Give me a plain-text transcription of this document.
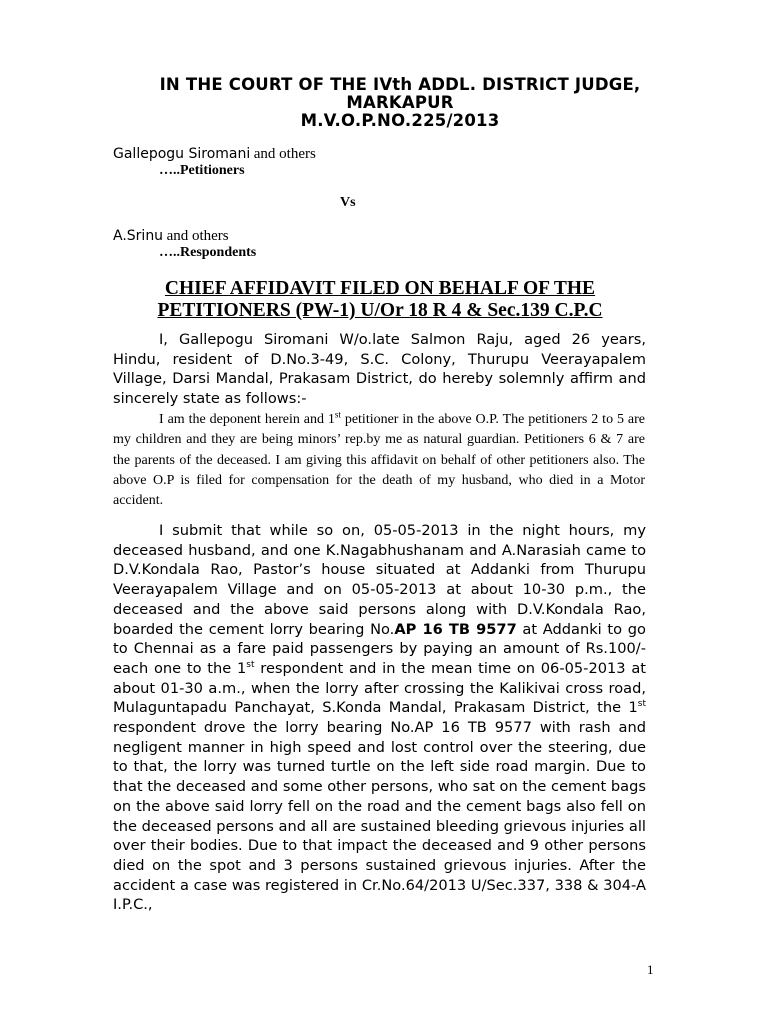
IN THE COURT OF THE IVth ADDL. DISTRICT JUDGE,
MARKAPUR
M.V.O.P.NO.225/2013
Gallepogu Siromani and others
…..Petitioners
Vs
A.Srinu and others
…..Respondents
CHIEF AFFIDAVIT FILED ON BEHALF OF THE
PETITIONERS (PW-1) U/Or 18 R 4 & Sec.139 C.P.C

I, Gallepogu Siromani W/o.late Salmon Raju, aged 26 years, Hindu, resident of D.No.3-49, S.C. Colony, Thurupu Veerayapalem Village, Darsi Mandal, Prakasam District, do hereby solemnly affirm and sincerely state as follows:-

I am the deponent herein and 1st petitioner in the above O.P. The petitioners 2 to 5 are my children and they are being minors’ rep.by me as natural guardian. Petitioners 6 & 7 are the parents of the deceased. I am giving this affidavit on behalf of other petitioners also. The above O.P is filed for compensation for the death of my husband, who died in a Motor accident.

I submit that while so on, 05-05-2013 in the night hours, my deceased husband, and one K.Nagabhushanam and A.Narasiah came to D.V.Kondala Rao, Pastor’s house situated at Addanki from Thurupu Veerayapalem Village and on 05-05-2013 at about 10-30 p.m., the deceased and the above said persons along with D.V.Kondala Rao, boarded the cement lorry bearing No.AP 16 TB 9577 at Addanki to go to Chennai as a fare paid passengers by paying an amount of Rs.100/- each one to the 1st respondent and in the mean time on 06-05-2013 at about 01-30 a.m., when the lorry after crossing the Kalikivai cross road, Mulaguntapadu Panchayat, S.Konda Mandal, Prakasam District, the 1st respondent drove the lorry bearing No.AP 16 TB 9577 with rash and negligent manner in high speed and lost control over the steering, due to that, the lorry was turned turtle on the left side road margin. Due to that the deceased and some other persons, who sat on the cement bags on the above said lorry fell on the road and the cement bags also fell on the deceased persons and all are sustained bleeding grievous injuries all over their bodies. Due to that impact the deceased and 9 other persons died on the spot and 3 persons sustained grievous injuries. After the accident a case was registered in Cr.No.64/2013 U/Sec.337, 338 & 304-A I.P.C.,

1
